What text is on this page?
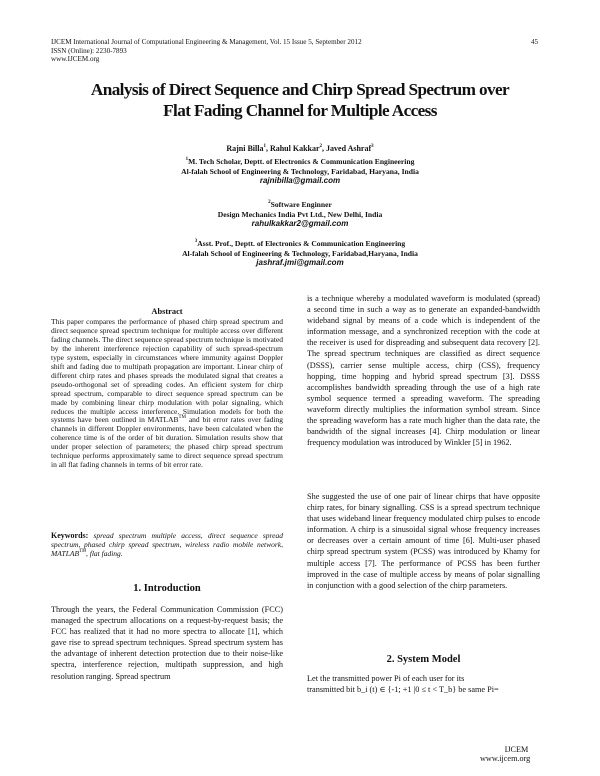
IJCEM International Journal of Computational Engineering & Management, Vol. 15 Issue 5, September 2012
ISSN (Online): 2230-7893
www.IJCEM.org
45
Analysis of Direct Sequence and Chirp Spread Spectrum over
Flat Fading Channel for Multiple Access
Rajni Billa$^1$, Rahul Kakkar$^2$, Javed Ashraf$^3$
$^1$M. Tech Scholar, Deptt. of Electronics & Communication Engineering
Al-falah School of Engineering & Technology, Faridabad, Haryana, India
rajnibilla@gmail.com
$^2$Software Enginner
Design Mechanics India Pvt Ltd., New Delhi, India
rahulkakkar2@gmail.com
$^3$Asst. Prof., Deptt. of Electronics & Communication Engineering
Al-falah School of Engineering & Technology, Faridabad,Haryana, India
jashraf.jmi@gmail.com
Abstract
This paper compares the performance of phased chirp spread spectrum and direct sequence spread spectrum technique for multiple access over different fading channels. The direct sequence spread spectrum technique is motivated by the inherent interference rejection capability of such spread-spectrum type system, especially in circumstances where immunity against Doppler shift and fading due to multipath propagation are important. Linear chirp of different chirp rates and phases spreads the modulated signal that creates a pseudo-orthogonal set of spreading codes. An efficient system for chirp spread spectrum, comparable to direct sequence spread spectrum can be made by combining linear chirp modulation with polar signaling, which reduces the multiple access interference. Simulation models for both the systems have been outlined in MATLAB™ and bit error rates over fading channels in different Doppler environments, have been calculated when the coherence time is of the order of bit duration. Simulation results show that under proper selection of parameters; the phased chirp spread spectrum technique performs approximately same to direct sequence spread spectrum in all flat fading channels in terms of bit error rate.
Keywords: spread spectrum multiple access, direct sequence spread spectrum, phased chirp spread spectrum, wireless radio mobile network, MATLAB™, flat fading.
1. Introduction
Through the years, the Federal Communication Commission (FCC) managed the spectrum allocations on a request-by-request basis; the FCC has realized that it had no more spectra to allocate [1], which gave rise to spread spectrum techniques. Spread spectrum system has the advantage of inherent detection protection due to their noise-like spectra, interference rejection, multipath suppression, and high resolution ranging. Spread spectrum
is a technique whereby a modulated waveform is modulated (spread) a second time in such a way as to generate an expanded-bandwidth wideband signal by means of a code which is independent of the information message, and a synchronized reception with the code at the receiver is used for dispreading and subsequent data recovery [2]. The spread spectrum techniques are classified as direct sequence (DSSS), carrier sense multiple access, chirp (CSS), frequency hopping, time hopping and hybrid spread spectrum [3]. DSSS accomplishes bandwidth spreading through the use of a high rate symbol sequence termed a spreading waveform. The spreading waveform directly multiplies the information symbol stream. Since the spreading waveform has a rate much higher than the data rate, the bandwidth of the signal increases [4]. Chirp modulation or linear frequency modulation was introduced by Winkler [5] in 1962.
She suggested the use of one pair of linear chirps that have opposite chirp rates, for binary signalling. CSS is a spread spectrum technique that uses wideband linear frequency modulated chirp pulses to encode information. A chirp is a sinusoidal signal whose frequency increases or decreases over a certain amount of time [6]. Multi-user phased chirp spread spectrum system (PCSS) was introduced by Khamy for multiple access [7]. The performance of PCSS has been further improved in the case of multiple access by means of polar signalling in conjunction with a good selection of the chirp parameters.
2. System Model
Let the transmitted power Pi of each user for its
transmitted bit b_i (t) ∈ {-1; +1 |0 ≤ t < T_b} be same Pi=
IJCEM
www.ijcem.org
